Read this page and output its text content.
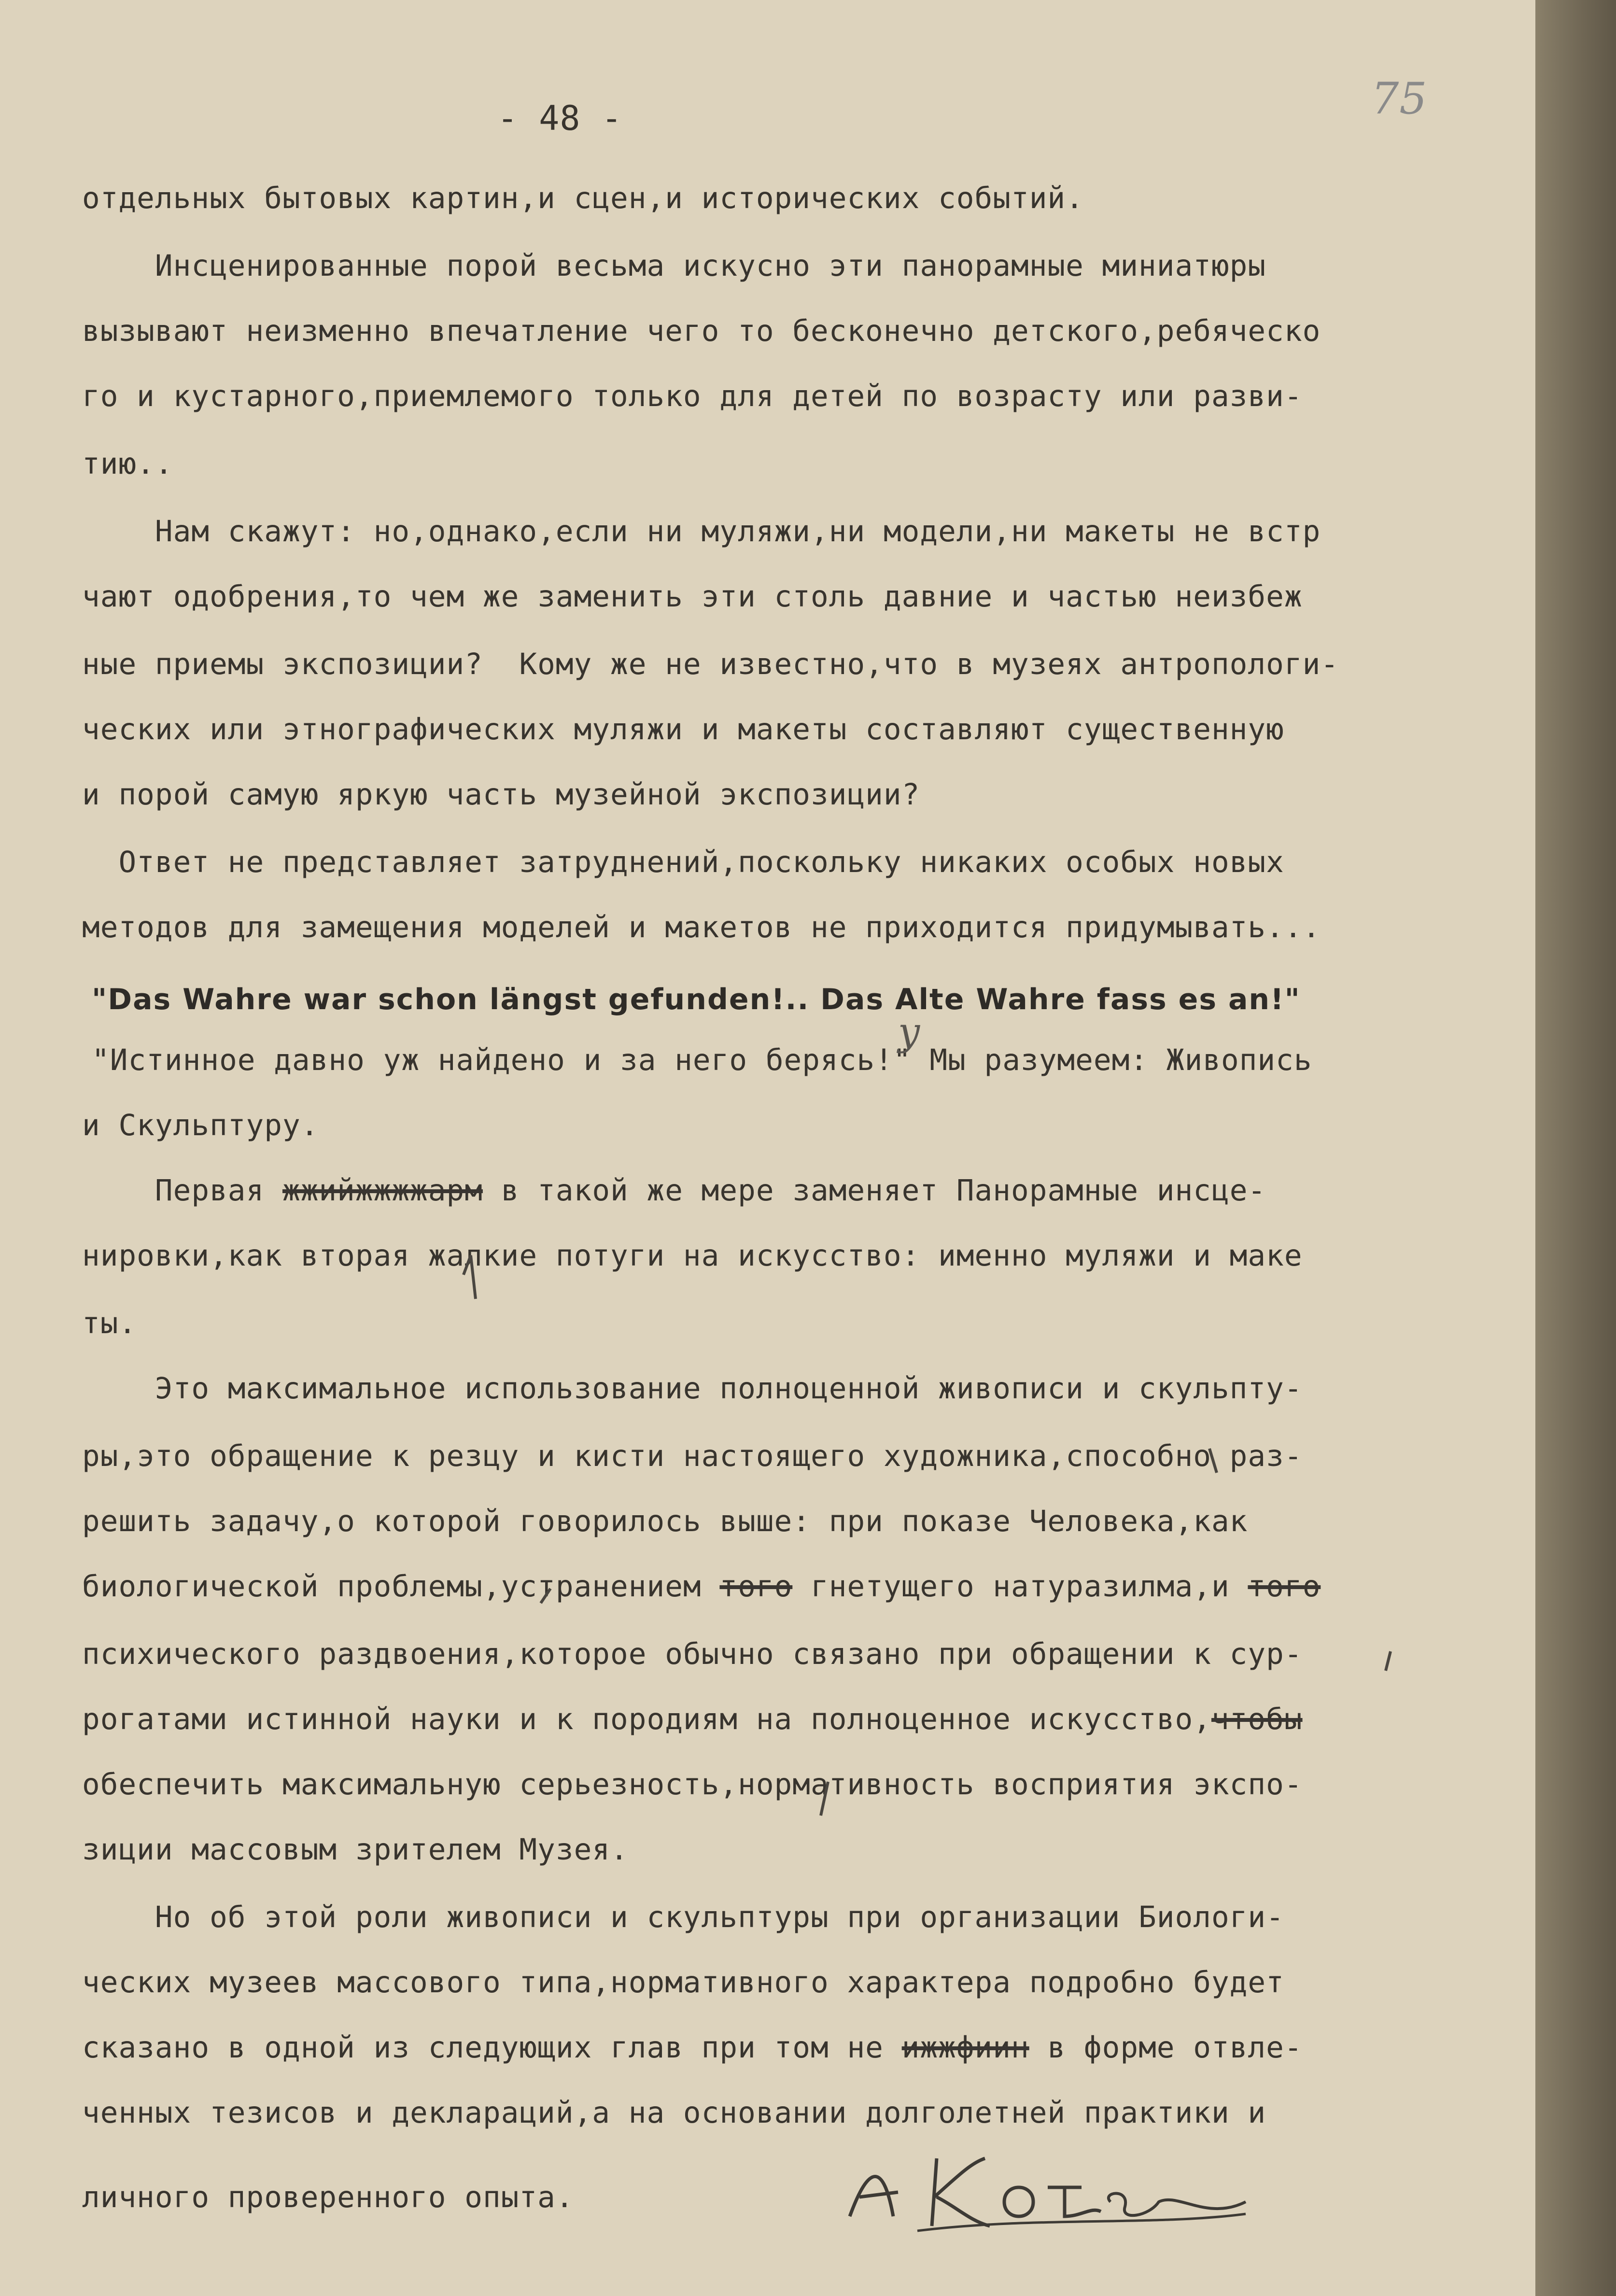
- 48 -	75
отдельных бытовых картин,и сцен,и исторических событий.
Инсценированные порой весьма искусно эти панорамные миниатюры
вызывают неизменно впечатление чего то бесконечно детского,ребяческо
го и кустарного,приемлемого только для детей по возрасту или разви-
тию..
Нам скажут: но,однако,если ни муляжи,ни модели,ни макеты не встр
чают одобрения,то чем же заменить эти столь давние и частью неизбеж
ные приемы экспозиции?  Кому же не известно,что в музеях антропологи-
ческих или этнографических муляжи и макеты составляют существенную
и порой самую яркую часть музейной экспозиции?
Ответ не представляет затруднений,поскольку никаких особых новых
методов для замещения моделей и макетов не приходится придумывать...
"Das Wahre war schon längst gefunden!.. Das Alte Wahre fass es an!"
"Истинное давно уж найдено и за него берясь!" Мы разумеем: Живопись
у
и Скульптуру.
Первая жжийжжжжарм в такой же мере заменяет Панорамные инсце-
нировки,как вторая жалкие потуги на искусство: именно муляжи и маке
ты.
Это максимальное использование полноценной живописи и скульпту-
ры,это обращение к резцу и кисти настоящего художника,способно раз-
решить задачу,о которой говорилось выше: при показе Человека,как
биологической проблемы,устранением того гнетущего натуразилма,и того
психического раздвоения,которое обычно связано при обращении к сур-
рогатами истинной науки и к породиям на полноценное искусство,чтобы
обеспечить максимальную серьезность,нормативность восприятия экспо-
зиции массовым зрителем Музея.
Но об этой роли живописи и скульптуры при организации Биологи-
ческих музеев массового типа,нормативного характера подробно будет
сказано в одной из следующих глав при том не ижжфиин в форме отвле-
ченных тезисов и деклараций,а на основании долголетней практики и
личного проверенного опыта.
